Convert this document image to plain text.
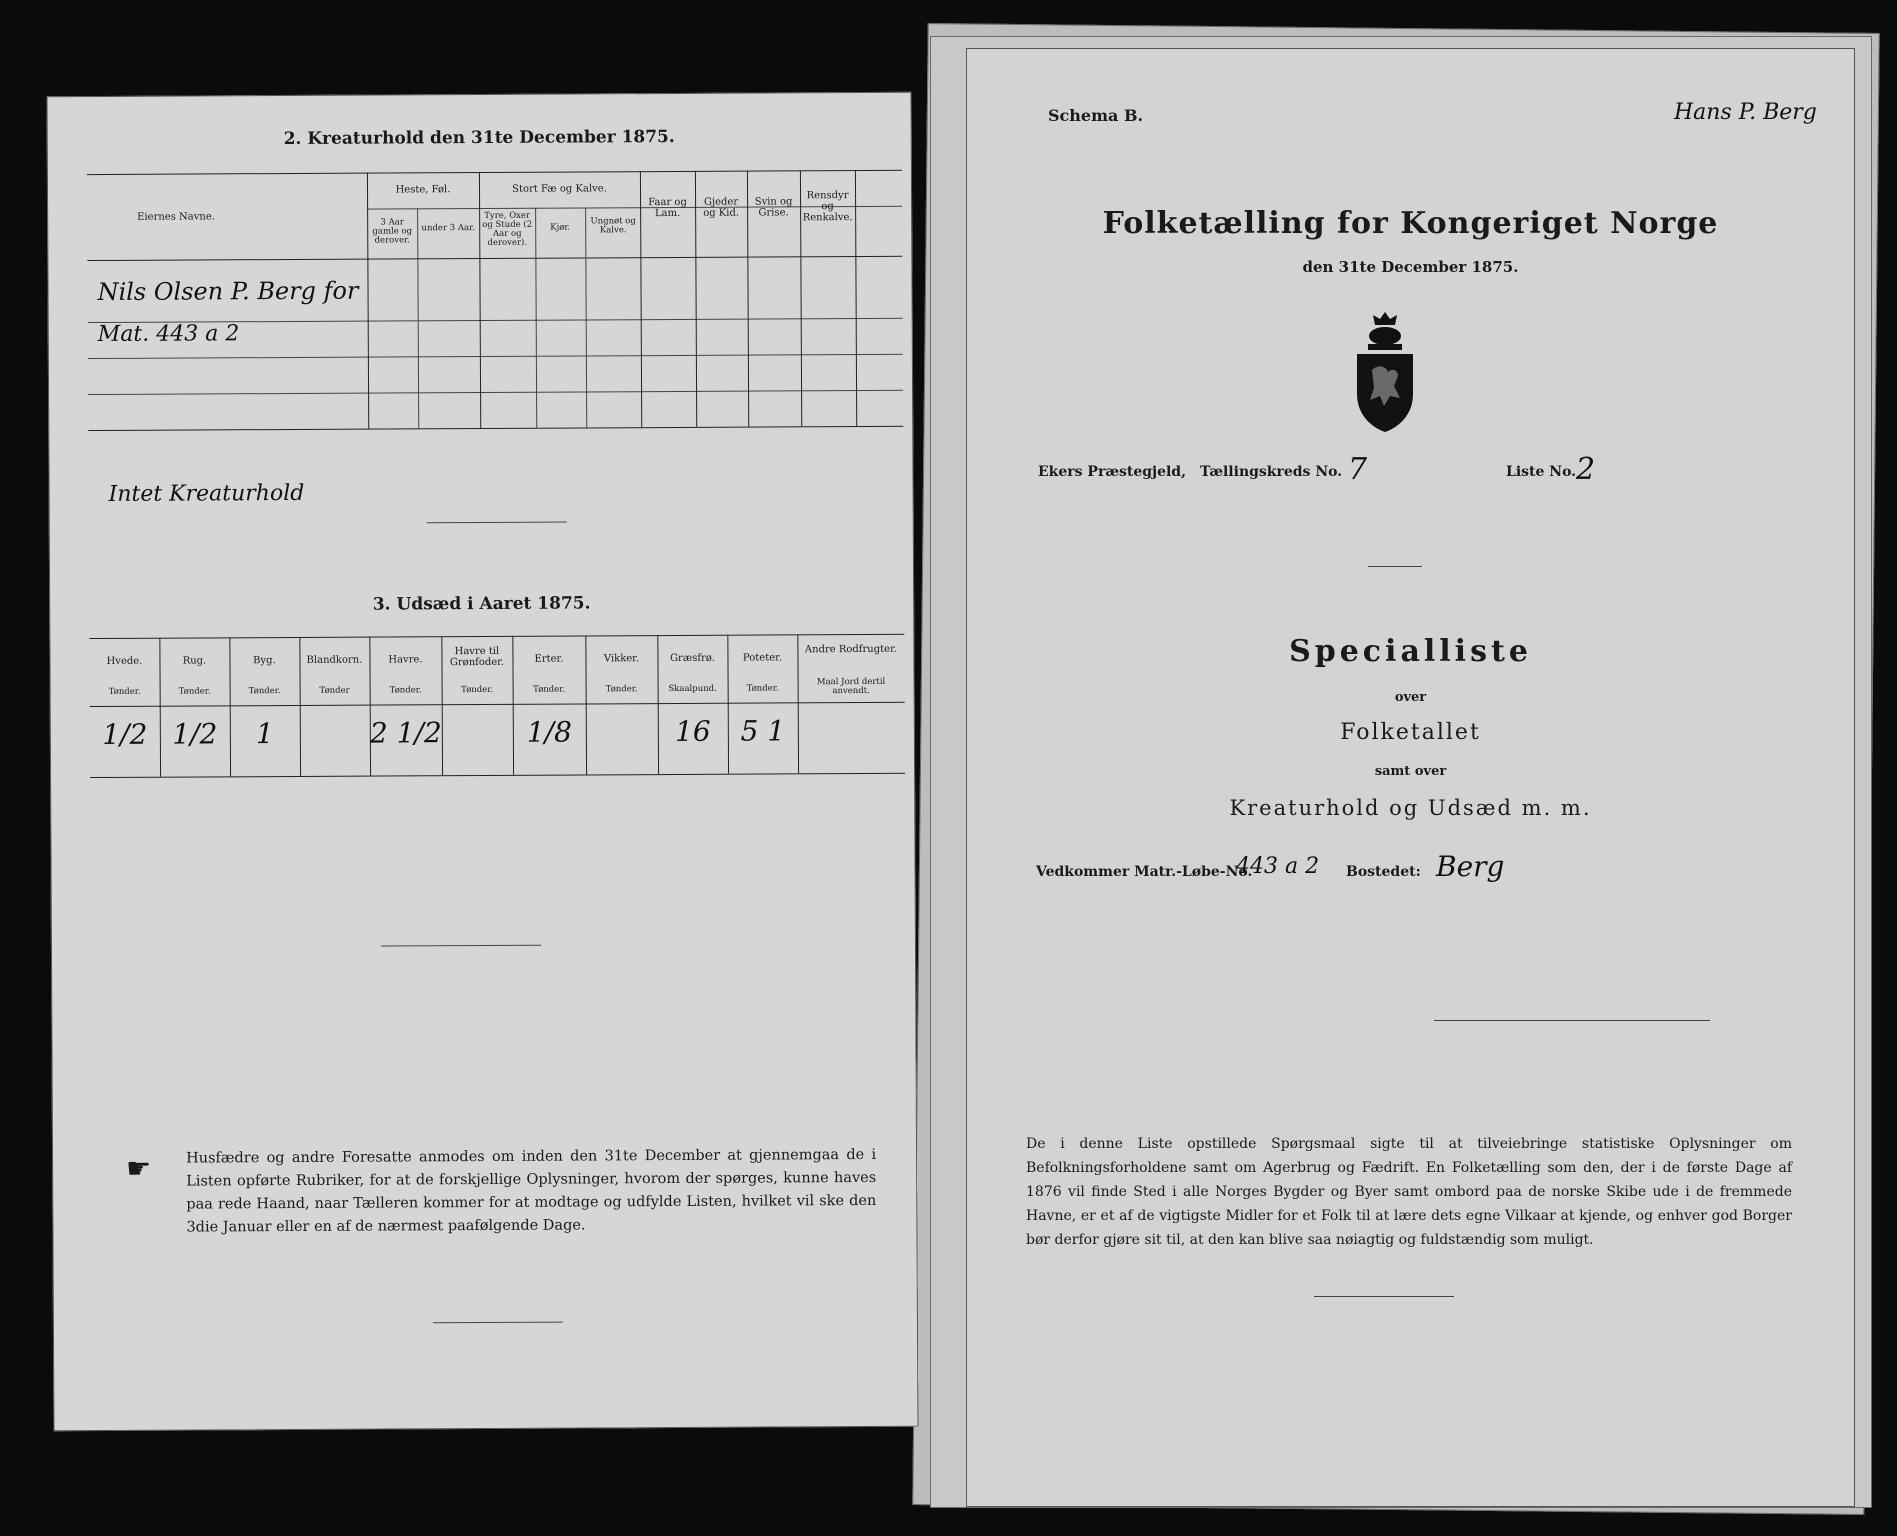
2. Kreaturhold den 31te December 1875.
Eiernes Navne.
Heste, Føl.
3 Aar gamle og derover.
under 3 Aar.
Stort Fæ og Kalve.
Tyre, Oxer og Stude (2 Aar og derover).
Kjør.
Ungnøt og Kalve.
Faar og Lam.
Gjeder og Kid.
Svin og Grise.
Rensdyr og Renkalve.
Nils Olsen P. Berg for
Mat. 443 a 2
Intet Kreaturhold
3. Udsæd i Aaret 1875.
☛ Husfædre og andre Foresatte anmodes om inden den 31te December at gjennemgaa de i Listen opførte Rubriker, for at de forskjellige Oplysninger, hvorom der spørges, kunne haves paa rede Haand, naar Tælleren kommer for at modtage og udfylde Listen, hvilket vil ske den 3die Januar eller en af de nærmest paafølgende Dage.
Hvede.
Tønder.
1/2
Rug.
Tønder.
1/2
Byg.
Tønder.
1
Blandkorn.
Tønder
Havre.
Tønder.
2 1/2
Havre til Grønfoder.
Tønder.
Erter.
Tønder.
1/8
Vikker.
Tønder.
Græsfrø.
Skaalpund.
16
Poteter.
Tønder.
5 1
Andre Rodfrugter.
Maal Jord dertil anvendt.
Schema B.	Hans P. Berg
Folketælling for Kongeriget Norge
den 31te December 1875.
Ekers Præstegjeld, Tællingskreds No. 7	Liste No. 2
Specialliste
over
Folketallet
samt over
Kreaturhold og Udsæd m. m.
Vedkommer Matr.-Løbe-No.
443 a 2 Bostedet: Berg
De i denne Liste opstillede Spørgsmaal sigte til at tilveiebringe statistiske Oplysninger om Befolkningsforholdene samt om Agerbrug og Fædrift. En Folketælling som den, der i de første Dage af 1876 vil finde Sted i alle Norges Bygder og Byer samt ombord paa de norske Skibe ude i de fremmede Havne, er et af de vigtigste Midler for et Folk til at lære dets egne Vilkaar at kjende, og enhver god Borger bør derfor gjøre sit til, at den kan blive saa nøiagtig og fuldstændig som muligt.
